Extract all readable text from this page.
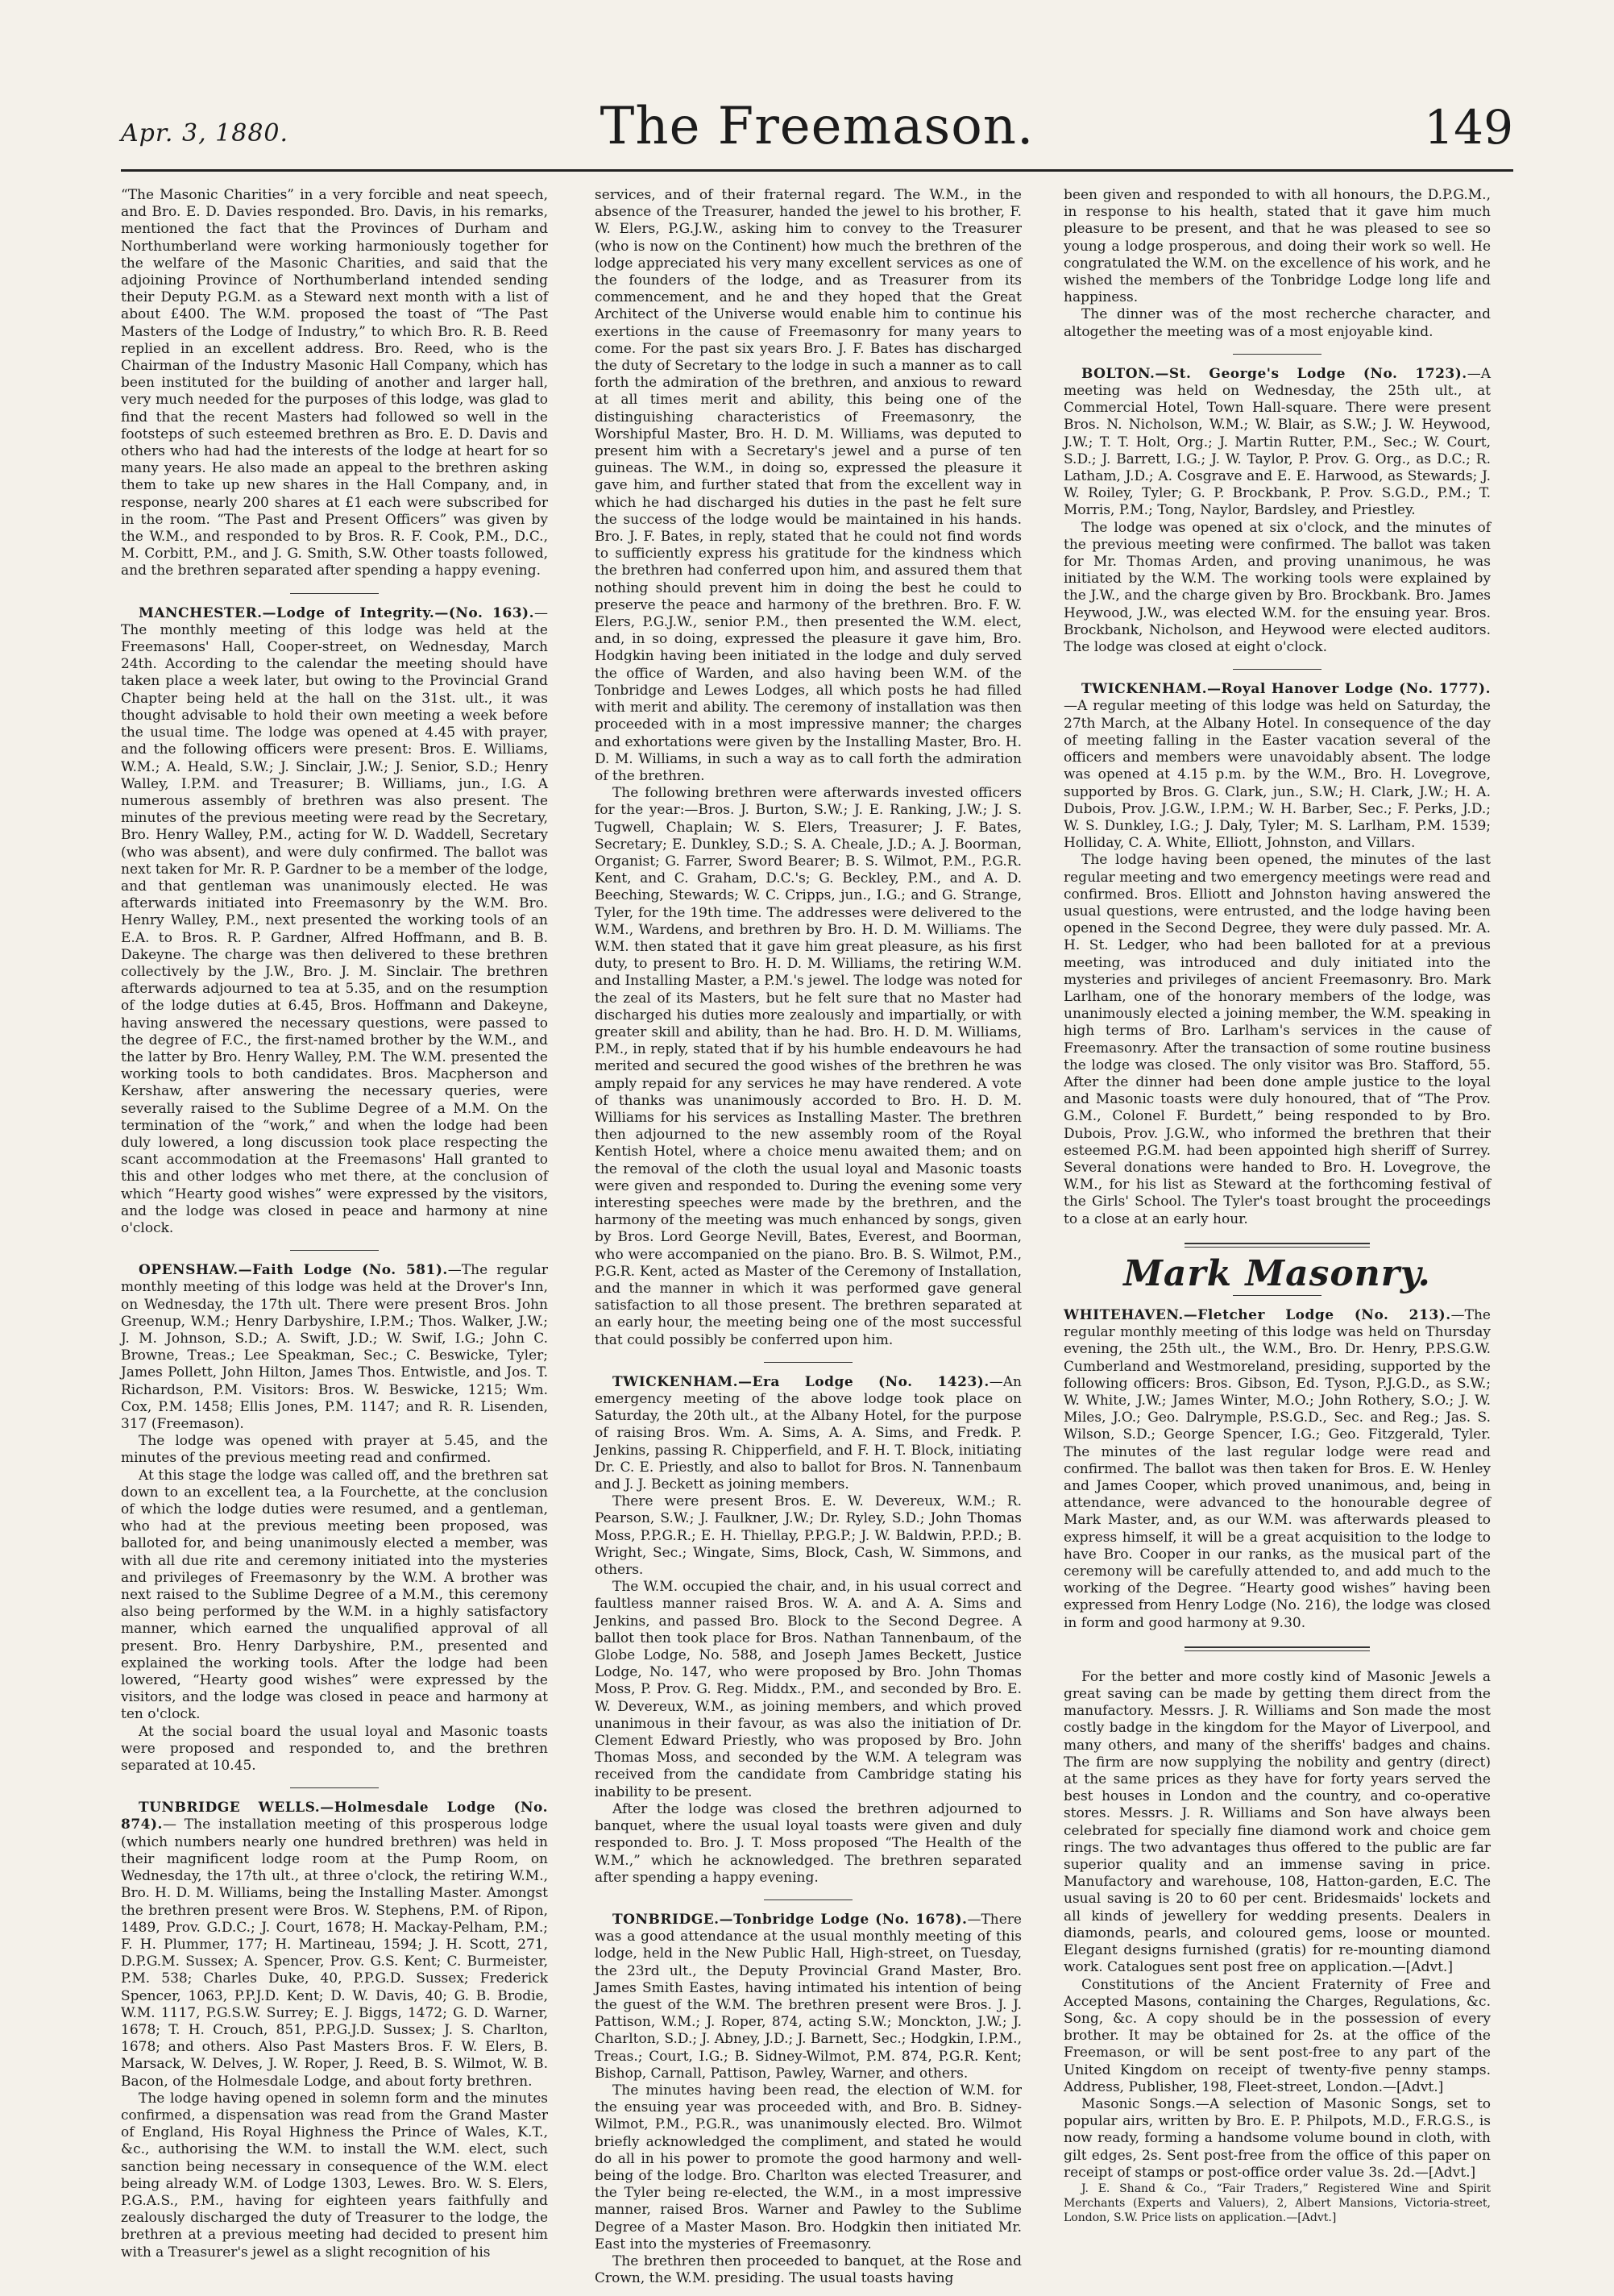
Apr. 3, 1880.	The Freemason.	149

“The Masonic Charities” in a very forcible and neat speech, and Bro. E. D. Davies responded. Bro. Davis, in his remarks, mentioned the fact that the Provinces of Durham and Northumberland were working harmoniously together for the welfare of the Masonic Charities, and said that the adjoining Province of Northumberland intended sending their Deputy P.G.M. as a Steward next month with a list of about £400. The W.M. proposed the toast of “The Past Masters of the Lodge of Industry,” to which Bro. R. B. Reed replied in an excellent address. Bro. Reed, who is the Chairman of the Industry Masonic Hall Company, which has been instituted for the building of another and larger hall, very much needed for the purposes of this lodge, was glad to find that the recent Masters had followed so well in the footsteps of such esteemed brethren as Bro. E. D. Davis and others who had had the interests of the lodge at heart for so many years. He also made an appeal to the brethren asking them to take up new shares in the Hall Company, and, in response, nearly 200 shares at £1 each were subscribed for in the room. “The Past and Present Officers” was given by the W.M., and responded to by Bros. R. F. Cook, P.M., D.C., M. Corbitt, P.M., and J. G. Smith, S.W. Other toasts followed, and the brethren separated after spending a happy evening.

MANCHESTER.—Lodge of Integrity.—(No. 163).—The monthly meeting of this lodge was held at the Freemasons' Hall, Cooper-street, on Wednesday, March 24th. According to the calendar the meeting should have taken place a week later, but owing to the Provincial Grand Chapter being held at the hall on the 31st. ult., it was thought advisable to hold their own meeting a week before the usual time. The lodge was opened at 4.45 with prayer, and the following officers were present: Bros. E. Williams, W.M.; A. Heald, S.W.; J. Sinclair, J.W.; J. Senior, S.D.; Henry Walley, I.P.M. and Treasurer; B. Williams, jun., I.G. A numerous assembly of brethren was also present. The minutes of the previous meeting were read by the Secretary, Bro. Henry Walley, P.M., acting for W. D. Waddell, Secretary (who was absent), and were duly confirmed. The ballot was next taken for Mr. R. P. Gardner to be a member of the lodge, and that gentleman was unanimously elected. He was afterwards initiated into Freemasonry by the W.M. Bro. Henry Walley, P.M., next presented the working tools of an E.A. to Bros. R. P. Gardner, Alfred Hoffmann, and B. B. Dakeyne. The charge was then delivered to these brethren collectively by the J.W., Bro. J. M. Sinclair. The brethren afterwards adjourned to tea at 5.35, and on the resumption of the lodge duties at 6.45, Bros. Hoffmann and Dakeyne, having answered the necessary questions, were passed to the degree of F.C., the first-named brother by the W.M., and the latter by Bro. Henry Walley, P.M. The W.M. presented the working tools to both candidates. Bros. Macpherson and Kershaw, after answering the necessary queries, were severally raised to the Sublime Degree of a M.M. On the termination of the “work,” and when the lodge had been duly lowered, a long discussion took place respecting the scant accommodation at the Freemasons' Hall granted to this and other lodges who met there, at the conclusion of which “Hearty good wishes” were expressed by the visitors, and the lodge was closed in peace and harmony at nine o'clock.

OPENSHAW.—Faith Lodge (No. 581).—The regular monthly meeting of this lodge was held at the Drover's Inn, on Wednesday, the 17th ult. There were present Bros. John Greenup, W.M.; Henry Darbyshire, I.P.M.; Thos. Walker, J.W.; J. M. Johnson, S.D.; A. Swift, J.D.; W. Swif, I.G.; John C. Browne, Treas.; Lee Speakman, Sec.; C. Beswicke, Tyler; James Pollett, John Hilton, James Thos. Entwistle, and Jos. T. Richardson, P.M. Visitors: Bros. W. Beswicke, 1215; Wm. Cox, P.M. 1458; Ellis Jones, P.M. 1147; and R. R. Lisenden, 317 (Freemason).

The lodge was opened with prayer at 5.45, and the minutes of the previous meeting read and confirmed.

At this stage the lodge was called off, and the brethren sat down to an excellent tea, a la Fourchette, at the conclusion of which the lodge duties were resumed, and a gentleman, who had at the previous meeting been proposed, was balloted for, and being unanimously elected a member, was with all due rite and ceremony initiated into the mysteries and privileges of Freemasonry by the W.M. A brother was next raised to the Sublime Degree of a M.M., this ceremony also being performed by the W.M. in a highly satisfactory manner, which earned the unqualified approval of all present. Bro. Henry Darbyshire, P.M., presented and explained the working tools. After the lodge had been lowered, “Hearty good wishes” were expressed by the visitors, and the lodge was closed in peace and harmony at ten o'clock.

At the social board the usual loyal and Masonic toasts were proposed and responded to, and the brethren separated at 10.45.

TUNBRIDGE WELLS.—Holmesdale Lodge (No. 874).— The installation meeting of this prosperous lodge (which numbers nearly one hundred brethren) was held in their magnificent lodge room at the Pump Room, on Wednesday, the 17th ult., at three o'clock, the retiring W.M., Bro. H. D. M. Williams, being the Installing Master. Amongst the brethren present were Bros. W. Stephens, P.M. of Ripon, 1489, Prov. G.D.C.; J. Court, 1678; H. Mackay-Pelham, P.M.; F. H. Plummer, 177; H. Martineau, 1594; J. H. Scott, 271, D.P.G.M. Sussex; A. Spencer, Prov. G.S. Kent; C. Burmeister, P.M. 538; Charles Duke, 40, P.P.G.D. Sussex; Frederick Spencer, 1063, P.P.J.D. Kent; D. W. Davis, 40; G. B. Brodie, W.M. 1117, P.G.S.W. Surrey; E. J. Biggs, 1472; G. D. Warner, 1678; T. H. Crouch, 851, P.P.G.J.D. Sussex; J. S. Charlton, 1678; and others. Also Past Masters Bros. F. W. Elers, B. Marsack, W. Delves, J. W. Roper, J. Reed, B. S. Wilmot, W. B. Bacon, of the Holmesdale Lodge, and about forty brethren.

The lodge having opened in solemn form and the minutes confirmed, a dispensation was read from the Grand Master of England, His Royal Highness the Prince of Wales, K.T., &c., authorising the W.M. to install the W.M. elect, such sanction being necessary in consequence of the W.M. elect being already W.M. of Lodge 1303, Lewes. Bro. W. S. Elers, P.G.A.S., P.M., having for eighteen years faithfully and zealously discharged the duty of Treasurer to the lodge, the brethren at a previous meeting had decided to present him with a Treasurer's jewel as a slight recognition of his

services, and of their fraternal regard. The W.M., in the absence of the Treasurer, handed the jewel to his brother, F. W. Elers, P.G.J.W., asking him to convey to the Treasurer (who is now on the Continent) how much the brethren of the lodge appreciated his very many excellent services as one of the founders of the lodge, and as Treasurer from its commencement, and he and they hoped that the Great Architect of the Universe would enable him to continue his exertions in the cause of Freemasonry for many years to come. For the past six years Bro. J. F. Bates has discharged the duty of Secretary to the lodge in such a manner as to call forth the admiration of the brethren, and anxious to reward at all times merit and ability, this being one of the distinguishing characteristics of Freemasonry, the Worshipful Master, Bro. H. D. M. Williams, was deputed to present him with a Secretary's jewel and a purse of ten guineas. The W.M., in doing so, expressed the pleasure it gave him, and further stated that from the excellent way in which he had discharged his duties in the past he felt sure the success of the lodge would be maintained in his hands. Bro. J. F. Bates, in reply, stated that he could not find words to sufficiently express his gratitude for the kindness which the brethren had conferred upon him, and assured them that nothing should prevent him in doing the best he could to preserve the peace and harmony of the brethren. Bro. F. W. Elers, P.G.J.W., senior P.M., then presented the W.M. elect, and, in so doing, expressed the pleasure it gave him, Bro. Hodgkin having been initiated in the lodge and duly served the office of Warden, and also having been W.M. of the Tonbridge and Lewes Lodges, all which posts he had filled with merit and ability. The ceremony of installation was then proceeded with in a most impressive manner; the charges and exhortations were given by the Installing Master, Bro. H. D. M. Williams, in such a way as to call forth the admiration of the brethren.

The following brethren were afterwards invested officers for the year:—Bros. J. Burton, S.W.; J. E. Ranking, J.W.; J. S. Tugwell, Chaplain; W. S. Elers, Treasurer; J. F. Bates, Secretary; E. Dunkley, S.D.; S. A. Cheale, J.D.; A. J. Boorman, Organist; G. Farrer, Sword Bearer; B. S. Wilmot, P.M., P.G.R. Kent, and C. Graham, D.C.'s; G. Beckley, P.M., and A. D. Beeching, Stewards; W. C. Cripps, jun., I.G.; and G. Strange, Tyler, for the 19th time. The addresses were delivered to the W.M., Wardens, and brethren by Bro. H. D. M. Williams. The W.M. then stated that it gave him great pleasure, as his first duty, to present to Bro. H. D. M. Williams, the retiring W.M. and Installing Master, a P.M.'s jewel. The lodge was noted for the zeal of its Masters, but he felt sure that no Master had discharged his duties more zealously and impartially, or with greater skill and ability, than he had. Bro. H. D. M. Williams, P.M., in reply, stated that if by his humble endeavours he had merited and secured the good wishes of the brethren he was amply repaid for any services he may have rendered. A vote of thanks was unanimously accorded to Bro. H. D. M. Williams for his services as Installing Master. The brethren then adjourned to the new assembly room of the Royal Kentish Hotel, where a choice menu awaited them; and on the removal of the cloth the usual loyal and Masonic toasts were given and responded to. During the evening some very interesting speeches were made by the brethren, and the harmony of the meeting was much enhanced by songs, given by Bros. Lord George Nevill, Bates, Everest, and Boorman, who were accompanied on the piano. Bro. B. S. Wilmot, P.M., P.G.R. Kent, acted as Master of the Ceremony of Installation, and the manner in which it was performed gave general satisfaction to all those present. The brethren separated at an early hour, the meeting being one of the most successful that could possibly be conferred upon him.

TWICKENHAM.—Era Lodge (No. 1423).—An emergency meeting of the above lodge took place on Saturday, the 20th ult., at the Albany Hotel, for the purpose of raising Bros. Wm. A. Sims, A. A. Sims, and Fredk. P. Jenkins, passing R. Chipperfield, and F. H. T. Block, initiating Dr. C. E. Priestly, and also to ballot for Bros. N. Tannenbaum and J. J. Beckett as joining members.

There were present Bros. E. W. Devereux, W.M.; R. Pearson, S.W.; J. Faulkner, J.W.; Dr. Ryley, S.D.; John Thomas Moss, P.P.G.R.; E. H. Thiellay, P.P.G.P.; J. W. Baldwin, P.P.D.; B. Wright, Sec.; Wingate, Sims, Block, Cash, W. Simmons, and others.

The W.M. occupied the chair, and, in his usual correct and faultless manner raised Bros. W. A. and A. A. Sims and Jenkins, and passed Bro. Block to the Second Degree. A ballot then took place for Bros. Nathan Tannenbaum, of the Globe Lodge, No. 588, and Joseph James Beckett, Justice Lodge, No. 147, who were proposed by Bro. John Thomas Moss, P. Prov. G. Reg. Middx., P.M., and seconded by Bro. E. W. Devereux, W.M., as joining members, and which proved unanimous in their favour, as was also the initiation of Dr. Clement Edward Priestly, who was proposed by Bro. John Thomas Moss, and seconded by the W.M. A telegram was received from the candidate from Cambridge stating his inability to be present.

After the lodge was closed the brethren adjourned to banquet, where the usual loyal toasts were given and duly responded to. Bro. J. T. Moss proposed “The Health of the W.M.,” which he acknowledged. The brethren separated after spending a happy evening.

TONBRIDGE.—Tonbridge Lodge (No. 1678).—There was a good attendance at the usual monthly meeting of this lodge, held in the New Public Hall, High-street, on Tuesday, the 23rd ult., the Deputy Provincial Grand Master, Bro. James Smith Eastes, having intimated his intention of being the guest of the W.M. The brethren present were Bros. J. J. Pattison, W.M.; J. Roper, 874, acting S.W.; Monckton, J.W.; J. Charlton, S.D.; J. Abney, J.D.; J. Barnett, Sec.; Hodgkin, I.P.M., Treas.; Court, I.G.; B. Sidney-Wilmot, P.M. 874, P.G.R. Kent; Bishop, Carnall, Pattison, Pawley, Warner, and others.

The minutes having been read, the election of W.M. for the ensuing year was proceeded with, and Bro. B. Sidney-Wilmot, P.M., P.G.R., was unanimously elected. Bro. Wilmot briefly acknowledged the compliment, and stated he would do all in his power to promote the good harmony and well-being of the lodge. Bro. Charlton was elected Treasurer, and the Tyler being re-elected, the W.M., in a most impressive manner, raised Bros. Warner and Pawley to the Sublime Degree of a Master Mason. Bro. Hodgkin then initiated Mr. East into the mysteries of Freemasonry.

The brethren then proceeded to banquet, at the Rose and Crown, the W.M. presiding. The usual toasts having

been given and responded to with all honours, the D.P.G.M., in response to his health, stated that it gave him much pleasure to be present, and that he was pleased to see so young a lodge prosperous, and doing their work so well. He congratulated the W.M. on the excellence of his work, and he wished the members of the Tonbridge Lodge long life and happiness.

The dinner was of the most recherche character, and altogether the meeting was of a most enjoyable kind.

BOLTON.—St. George's Lodge (No. 1723).—A meeting was held on Wednesday, the 25th ult., at Commercial Hotel, Town Hall-square. There were present Bros. N. Nicholson, W.M.; W. Blair, as S.W.; J. W. Heywood, J.W.; T. T. Holt, Org.; J. Martin Rutter, P.M., Sec.; W. Court, S.D.; J. Barrett, I.G.; J. W. Taylor, P. Prov. G. Org., as D.C.; R. Latham, J.D.; A. Cosgrave and E. E. Harwood, as Stewards; J. W. Roiley, Tyler; G. P. Brockbank, P. Prov. S.G.D., P.M.; T. Morris, P.M.; Tong, Naylor, Bardsley, and Priestley.

The lodge was opened at six o'clock, and the minutes of the previous meeting were confirmed. The ballot was taken for Mr. Thomas Arden, and proving unanimous, he was initiated by the W.M. The working tools were explained by the J.W., and the charge given by Bro. Brockbank. Bro. James Heywood, J.W., was elected W.M. for the ensuing year. Bros. Brockbank, Nicholson, and Heywood were elected auditors. The lodge was closed at eight o'clock.

TWICKENHAM.—Royal Hanover Lodge (No. 1777).—A regular meeting of this lodge was held on Saturday, the 27th March, at the Albany Hotel. In consequence of the day of meeting falling in the Easter vacation several of the officers and members were unavoidably absent. The lodge was opened at 4.15 p.m. by the W.M., Bro. H. Lovegrove, supported by Bros. G. Clark, jun., S.W.; H. Clark, J.W.; H. A. Dubois, Prov. J.G.W., I.P.M.; W. H. Barber, Sec.; F. Perks, J.D.; W. S. Dunkley, I.G.; J. Daly, Tyler; M. S. Larlham, P.M. 1539; Holliday, C. A. White, Elliott, Johnston, and Villars.

The lodge having been opened, the minutes of the last regular meeting and two emergency meetings were read and confirmed. Bros. Elliott and Johnston having answered the usual questions, were entrusted, and the lodge having been opened in the Second Degree, they were duly passed. Mr. A. H. St. Ledger, who had been balloted for at a previous meeting, was introduced and duly initiated into the mysteries and privileges of ancient Freemasonry. Bro. Mark Larlham, one of the honorary members of the lodge, was unanimously elected a joining member, the W.M. speaking in high terms of Bro. Larlham's services in the cause of Freemasonry. After the transaction of some routine business the lodge was closed. The only visitor was Bro. Stafford, 55. After the dinner had been done ample justice to the loyal and Masonic toasts were duly honoured, that of “The Prov. G.M., Colonel F. Burdett,” being responded to by Bro. Dubois, Prov. J.G.W., who informed the brethren that their esteemed P.G.M. had been appointed high sheriff of Surrey. Several donations were handed to Bro. H. Lovegrove, the W.M., for his list as Steward at the forthcoming festival of the Girls' School. The Tyler's toast brought the proceedings to a close at an early hour.

Mark Masonry.

WHITEHAVEN.—Fletcher Lodge (No. 213).—The regular monthly meeting of this lodge was held on Thursday evening, the 25th ult., the W.M., Bro. Dr. Henry, P.P.S.G.W. Cumberland and Westmoreland, presiding, supported by the following officers: Bros. Gibson, Ed. Tyson, P.J.G.D., as S.W.; W. White, J.W.; James Winter, M.O.; John Rothery, S.O.; J. W. Miles, J.O.; Geo. Dalrymple, P.S.G.D., Sec. and Reg.; Jas. S. Wilson, S.D.; George Spencer, I.G.; Geo. Fitzgerald, Tyler. The minutes of the last regular lodge were read and confirmed. The ballot was then taken for Bros. E. W. Henley and James Cooper, which proved unanimous, and, being in attendance, were advanced to the honourable degree of Mark Master, and, as our W.M. was afterwards pleased to express himself, it will be a great acquisition to the lodge to have Bro. Cooper in our ranks, as the musical part of the ceremony will be carefully attended to, and add much to the working of the Degree. “Hearty good wishes” having been expressed from Henry Lodge (No. 216), the lodge was closed in form and good harmony at 9.30.

For the better and more costly kind of Masonic Jewels a great saving can be made by getting them direct from the manufactory. Messrs. J. R. Williams and Son made the most costly badge in the kingdom for the Mayor of Liverpool, and many others, and many of the sheriffs' badges and chains. The firm are now supplying the nobility and gentry (direct) at the same prices as they have for forty years served the best houses in London and the country, and co-operative stores. Messrs. J. R. Williams and Son have always been celebrated for specially fine diamond work and choice gem rings. The two advantages thus offered to the public are far superior quality and an immense saving in price. Manufactory and warehouse, 108, Hatton-garden, E.C. The usual saving is 20 to 60 per cent. Bridesmaids' lockets and all kinds of jewellery for wedding presents. Dealers in diamonds, pearls, and coloured gems, loose or mounted. Elegant designs furnished (gratis) for re-mounting diamond work. Catalogues sent post free on application.—[Advt.]

Constitutions of the Ancient Fraternity of Free and Accepted Masons, containing the Charges, Regulations, &c. Song, &c. A copy should be in the possession of every brother. It may be obtained for 2s. at the office of the Freemason, or will be sent post-free to any part of the United Kingdom on receipt of twenty-five penny stamps. Address, Publisher, 198, Fleet-street, London.—[Advt.]

Masonic Songs.—A selection of Masonic Songs, set to popular airs, written by Bro. E. P. Philpots, M.D., F.R.G.S., is now ready, forming a handsome volume bound in cloth, with gilt edges, 2s. Sent post-free from the office of this paper on receipt of stamps or post-office order value 3s. 2d.—[Advt.]

J. E. Shand & Co., “Fair Traders,” Registered Wine and Spirit Merchants (Experts and Valuers), 2, Albert Mansions, Victoria-street, London, S.W. Price lists on application.—[Advt.]
